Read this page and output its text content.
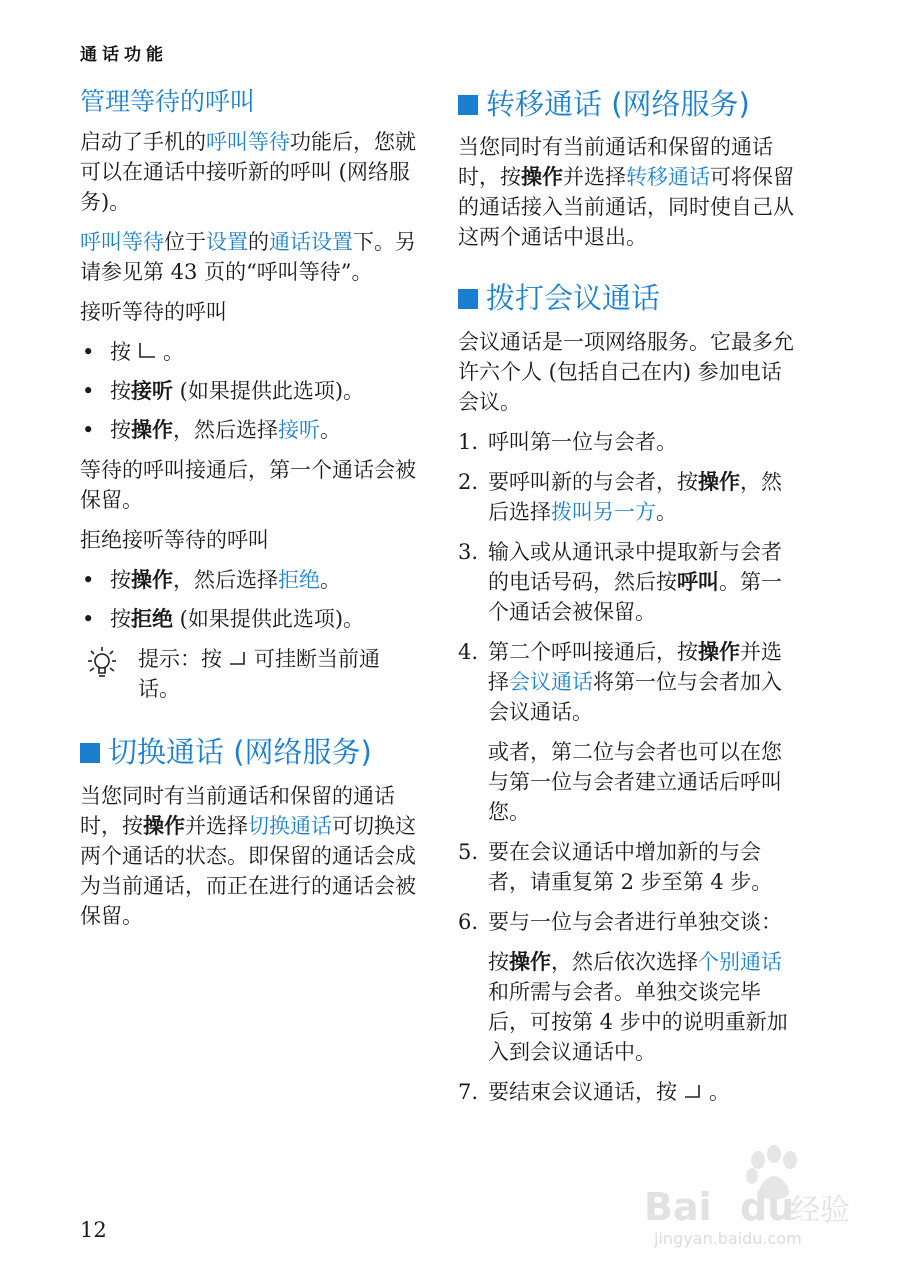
通话功能
管理等待的呼叫

启动了手机的呼叫等待功能后，您就可以在通话中接听新的呼叫 (网络服务)。

呼叫等待位于设置的通话设置下。另请参见第 43 页的“呼叫等待”。

接听等待的呼叫

• 按 。
• 按接听 (如果提供此选项)。
• 按操作，然后选择接听。

等待的呼叫接通后，第一个通话会被保留。

拒绝接听等待的呼叫

• 按操作，然后选择拒绝。
• 按拒绝 (如果提供此选项)。

提示：按 可挂断当前通话。

切换通话 (网络服务)

当您同时有当前通话和保留的通话时，按操作并选择切换通话可切换这两个通话的状态。即保留的通话会成为当前通话，而正在进行的通话会被保留。

转移通话 (网络服务)

当您同时有当前通话和保留的通话时，按操作并选择转移通话可将保留的通话接入当前通话，同时使自己从这两个通话中退出。

拨打会议通话

会议通话是一项网络服务。它最多允许六个人 (包括自己在内) 参加电话会议。

1. 呼叫第一位与会者。
2. 要呼叫新的与会者，按操作，然后选择拨叫另一方。
3. 输入或从通讯录中提取新与会者的电话号码，然后按呼叫。第一个通话会被保留。
4. 第二个呼叫接通后，按操作并选择会议通话将第一位与会者加入会议通话。

或者，第二位与会者也可以在您与第一位与会者建立通话后呼叫您。

5. 要在会议通话中增加新的与会者，请重复第 2 步至第 4 步。
6. 要与一位与会者进行单独交谈：

按操作，然后依次选择个别通话和所需与会者。单独交谈完毕后，可按第 4 步中的说明重新加入到会议通话中。

7. 要结束会议通话，按 。
12
Bai du
经验
jingyan.baidu.com
